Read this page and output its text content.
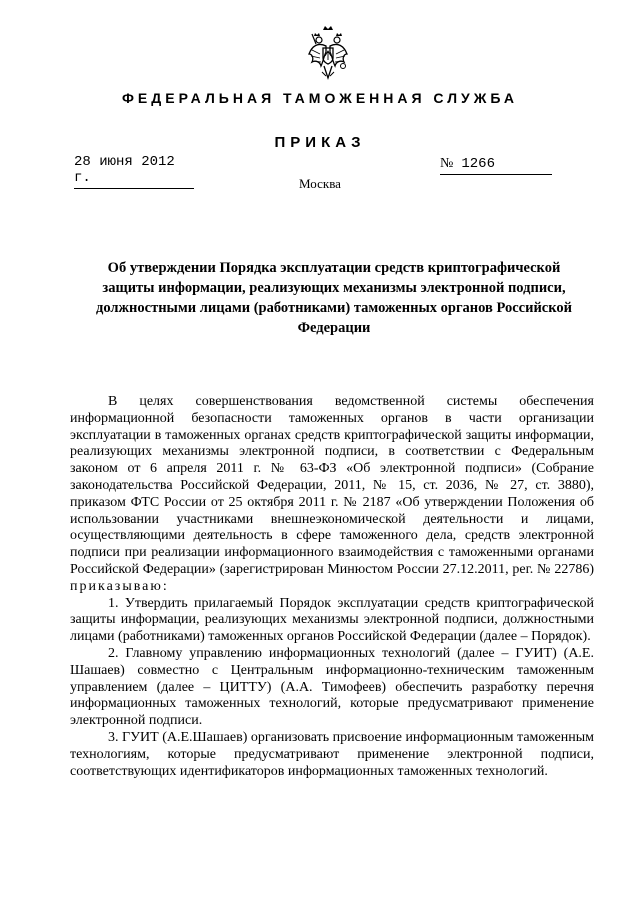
ФЕДЕРАЛЬНАЯ ТАМОЖЕННАЯ СЛУЖБА
ПРИКАЗ
28 июня 2012 г.
№ 1266
Москва
Об утверждении Порядка эксплуатации средств криптографической защиты информации, реализующих механизмы электронной подписи, должностными лицами (работниками) таможенных органов Российской Федерации

В целях совершенствования ведомственной системы обеспечения информационной безопасности таможенных органов в части организации эксплуатации в таможенных органах средств криптографической защиты информации, реализующих механизмы электронной подписи, в соответствии с Федеральным законом от 6 апреля 2011 г. № 63-ФЗ «Об электронной подписи» (Собрание законодательства Российской Федерации, 2011, № 15, ст. 2036, № 27, ст. 3880), приказом ФТС России от 25 октября 2011 г. № 2187 «Об утверждении Положения об использовании участниками внешнеэкономической деятельности и лицами, осуществляющими деятельность в сфере таможенного дела, средств электронной подписи при реализации информационного взаимодействия с таможенными органами Российской Федерации» (зарегистрирован Минюстом России 27.12.2011, рег. № 22786) приказываю:

1. Утвердить прилагаемый Порядок эксплуатации средств криптографической защиты информации, реализующих механизмы электронной подписи, должностными лицами (работниками) таможенных органов Российской Федерации (далее – Порядок).

2. Главному управлению информационных технологий (далее – ГУИТ) (А.Е. Шашаев) совместно с Центральным информационно-техническим таможенным управлением (далее – ЦИТТУ) (А.А. Тимофеев) обеспечить разработку перечня информационных таможенных технологий, которые предусматривают применение электронной подписи.

3. ГУИТ (А.Е.Шашаев) организовать присвоение информационным таможенным технологиям, которые предусматривают применение электронной подписи, соответствующих идентификаторов информационных таможенных технологий.
